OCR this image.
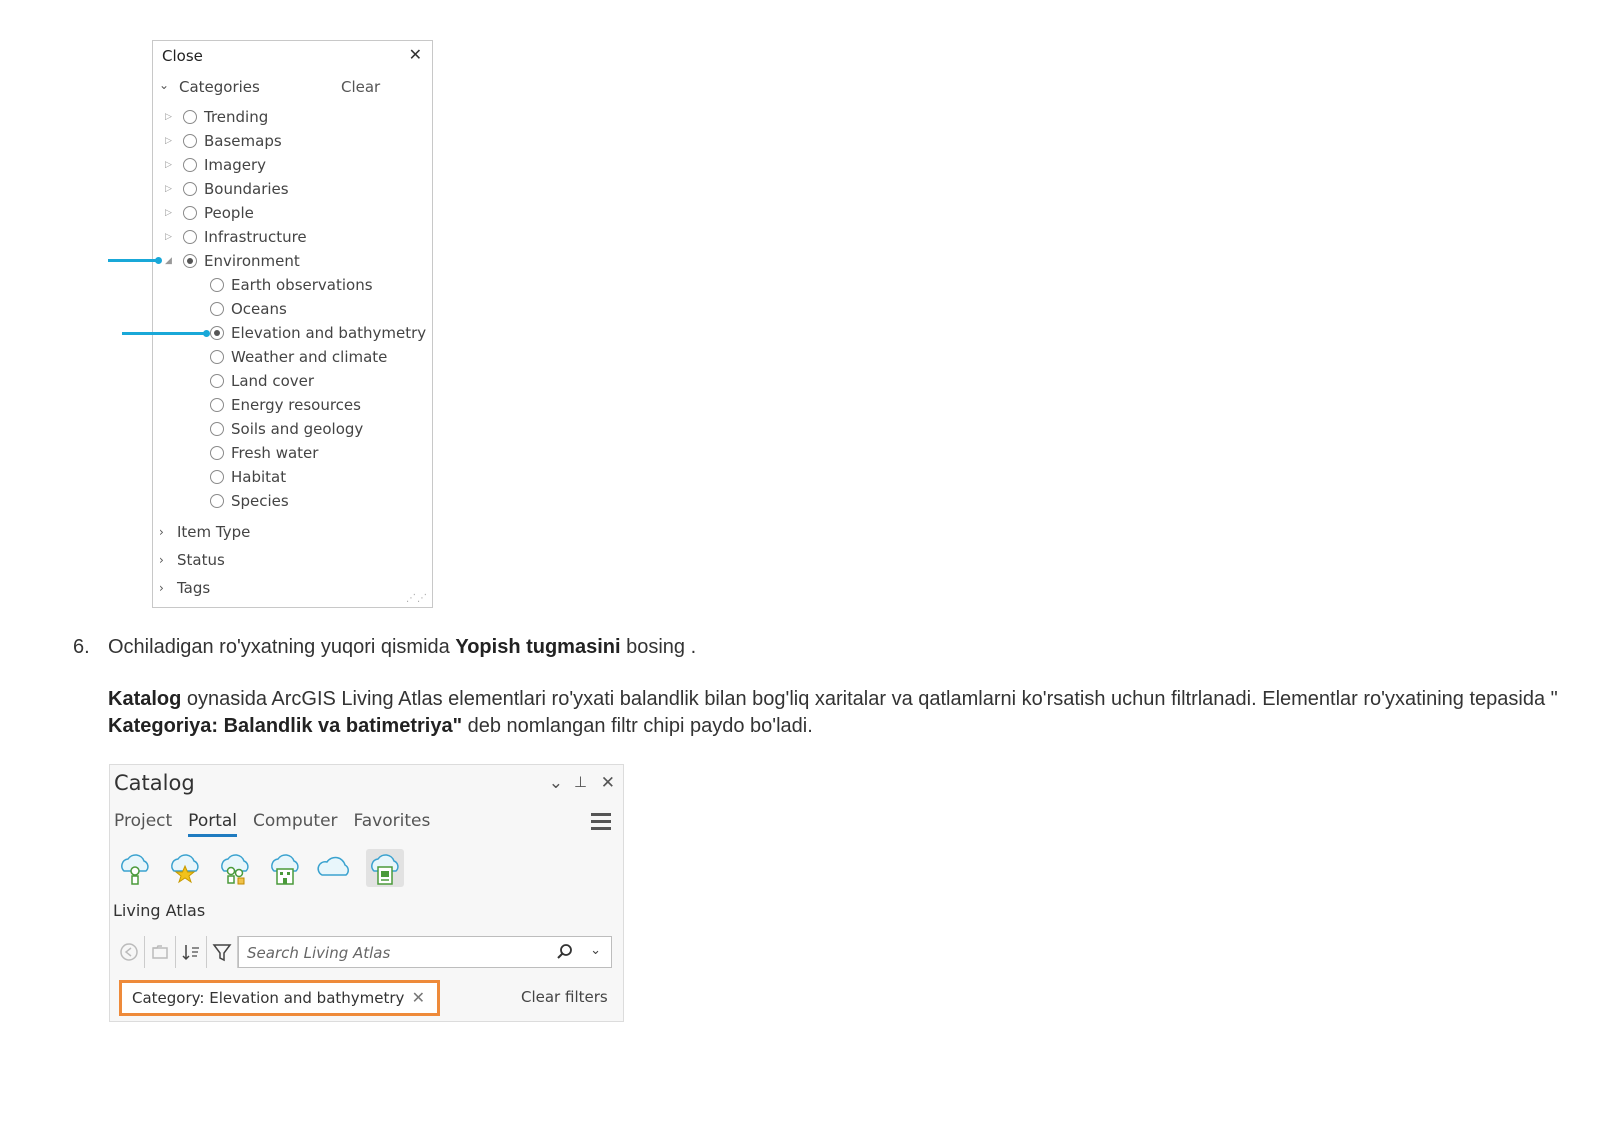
Close	✕
⌄ Categories	Clear
▷ Trending
▷ Basemaps
▷ Imagery
▷ Boundaries
▷ People
▷ Infrastructure
◢ Environment
Earth observations
Oceans
Elevation and bathymetry
Weather and climate
Land cover
Energy resources
Soils and geology
Fresh water
Habitat
Species
› Item Type
› Status
› Tags
⋰⋰
6. Ochiladigan ro'yxatning yuqori qismida Yopish tugmasini bosing .
Katalog oynasida ArcGIS Living Atlas elementlari ro'yxati balandlik bilan bog'liq xaritalar va qatlamlarni ko'rsatish uchun filtrlanadi. Elementlar ro'yxatining tepasida " Kategoriya: Balandlik va batimetriya" deb nomlangan filtr chipi paydo bo'ladi.
Catalog	⌄ ⊥ ✕
Project Portal Computer Favorites
Living Atlas
Search Living Atlas
⌄
Category: Elevation and bathymetry ✕	Clear filters
